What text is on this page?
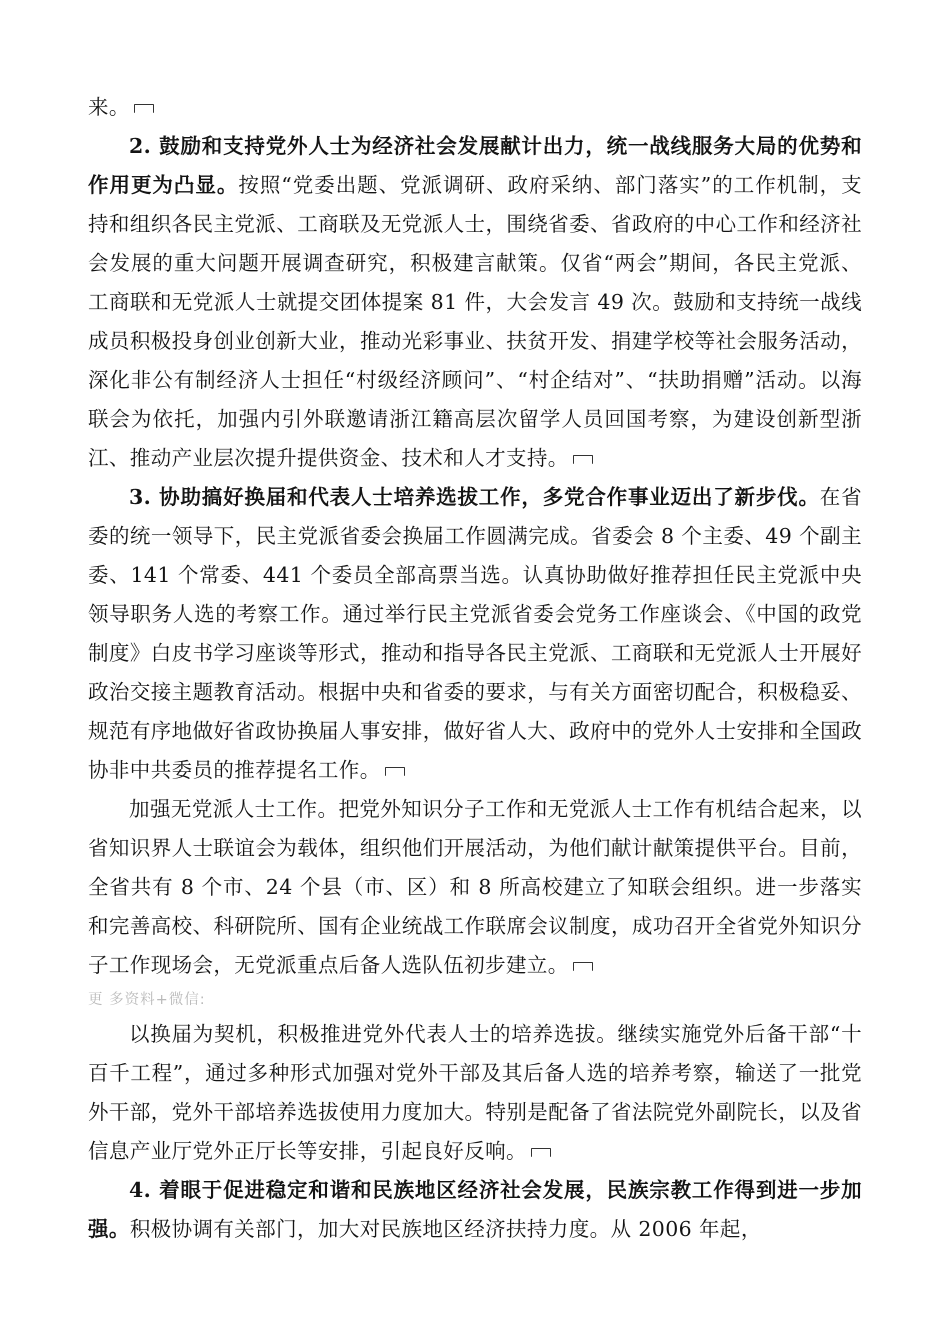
来。

2. 鼓励和支持党外人士为经济社会发展献计出力，统一战线服务大局的优势和作用更为凸显。按照“党委出题、党派调研、政府采纳、部门落实”的工作机制，支持和组织各民主党派、工商联及无党派人士，围绕省委、省政府的中心工作和经济社会发展的重大问题开展调查研究，积极建言献策。仅省“两会”期间，各民主党派、工商联和无党派人士就提交团体提案 81 件，大会发言 49 次。鼓励和支持统一战线成员积极投身创业创新大业，推动光彩事业、扶贫开发、捐建学校等社会服务活动，深化非公有制经济人士担任“村级经济顾问”、“村企结对”、“扶助捐赠”活动。以海联会为依托，加强内引外联邀请浙江籍高层次留学人员回国考察，为建设创新型浙江、推动产业层次提升提供资金、技术和人才支持。

3. 协助搞好换届和代表人士培养选拔工作，多党合作事业迈出了新步伐。在省委的统一领导下，民主党派省委会换届工作圆满完成。省委会 8 个主委、49 个副主委、141 个常委、441 个委员全部高票当选。认真协助做好推荐担任民主党派中央领导职务人选的考察工作。通过举行民主党派省委会党务工作座谈会、《中国的政党制度》白皮书学习座谈等形式，推动和指导各民主党派、工商联和无党派人士开展好政治交接主题教育活动。根据中央和省委的要求，与有关方面密切配合，积极稳妥、规范有序地做好省政协换届人事安排，做好省人大、政府中的党外人士安排和全国政协非中共委员的推荐提名工作。

加强无党派人士工作。把党外知识分子工作和无党派人士工作有机结合起来，以省知识界人士联谊会为载体，组织他们开展活动，为他们献计献策提供平台。目前，全省共有 8 个市、24 个县（市、区）和 8 所高校建立了知联会组织。进一步落实和完善高校、科研院所、国有企业统战工作联席会议制度，成功召开全省党外知识分子工作现场会，无党派重点后备人选队伍初步建立。

更 多资料+微信:

以换届为契机，积极推进党外代表人士的培养选拔。继续实施党外后备干部“十百千工程”，通过多种形式加强对党外干部及其后备人选的培养考察，输送了一批党外干部，党外干部培养选拔使用力度加大。特别是配备了省法院党外副院长，以及省信息产业厅党外正厅长等安排，引起良好反响。

4. 着眼于促进稳定和谐和民族地区经济社会发展，民族宗教工作得到进一步加强。积极协调有关部门，加大对民族地区经济扶持力度。从 2006 年起，
